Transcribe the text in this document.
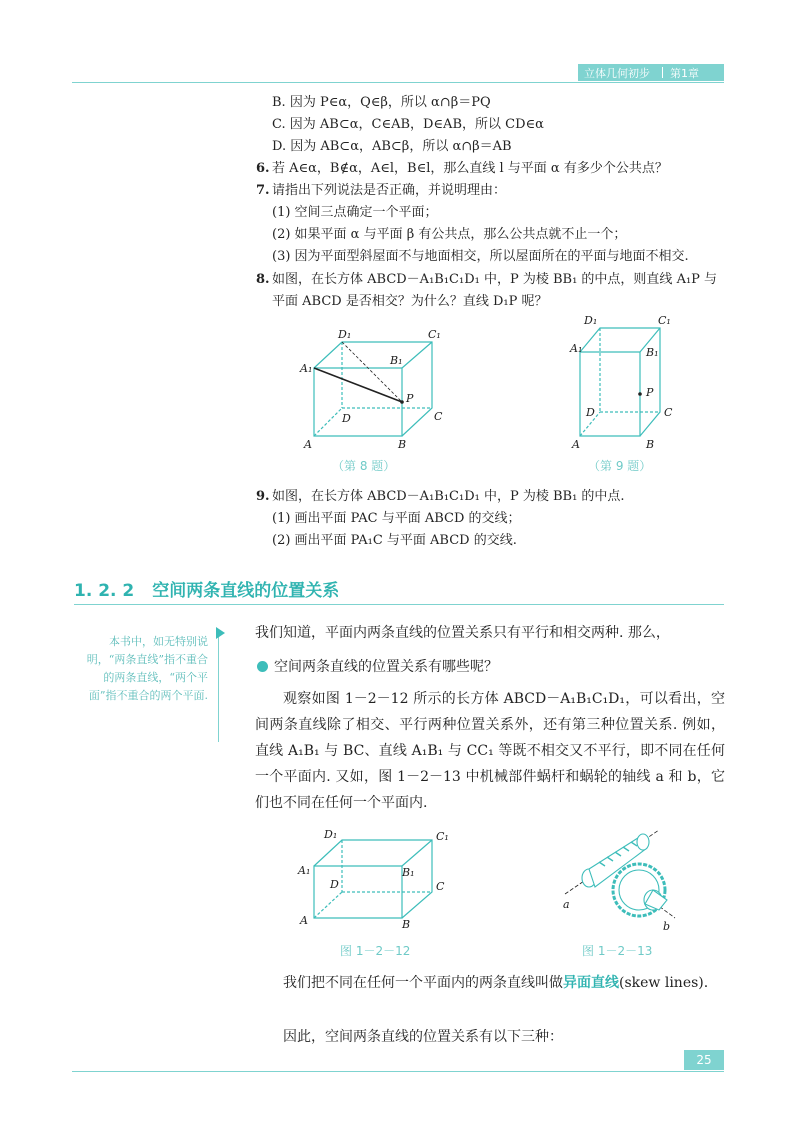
立体几何初步 第1章
B. 因为 P∈α，Q∈β，所以 α∩β＝PQ
C. 因为 AB⊂α，C∈AB，D∈AB，所以 CD∈α
D. 因为 AB⊂α，AB⊂β，所以 α∩β＝AB
6. 若 A∈α，B∉α，A∈l，B∈l，那么直线 l 与平面 α 有多少个公共点？
7. 请指出下列说法是否正确，并说明理由：
(1) 空间三点确定一个平面；
(2) 如果平面 α 与平面 β 有公共点，那么公共点就不止一个；
(3) 因为平面型斜屋面不与地面相交，所以屋面所在的平面与地面不相交.
8. 如图，在长方体 ABCD－A₁B₁C₁D₁ 中，P 为棱 BB₁ 的中点，则直线 A₁P 与
平面 ABCD 是否相交？为什么？直线 D₁P 呢？
D₁	C₁
A₁
B₁
P
D	C
A	B
（第 8 题）
D₁	C₁
A₁	B₁
P
D	C
A	B
（第 9 题）
9. 如图，在长方体 ABCD－A₁B₁C₁D₁ 中，P 为棱 BB₁ 的中点.
(1) 画出平面 PAC 与平面 ABCD 的交线；
(2) 画出平面 PA₁C 与平面 ABCD 的交线.
1. 2. 2 空间两条直线的位置关系
本书中，如无特别说明，“两条直线”指不重合的两条直线，“两个平面”指不重合的两个平面.
我们知道，平面内两条直线的位置关系只有平行和相交两种. 那么，
空间两条直线的位置关系有哪些呢？
观察如图 1－2－12 所示的长方体 ABCD－A₁B₁C₁D₁，可以看出，空间两条直线除了相交、平行两种位置关系外，还有第三种位置关系. 例如，直线 A₁B₁ 与 BC、直线 A₁B₁ 与 CC₁ 等既不相交又不平行，即不同在任何一个平面内. 又如，图 1－2－13 中机械部件蜗杆和蜗轮的轴线 a 和 b，它们也不同在任何一个平面内.
D₁	C₁
A₁	B₁
D	C
A	B
图 1－2－12
a
b
图 1－2－13
我们把不同在任何一个平面内的两条直线叫做异面直线(skew lines).
因此，空间两条直线的位置关系有以下三种：
25
